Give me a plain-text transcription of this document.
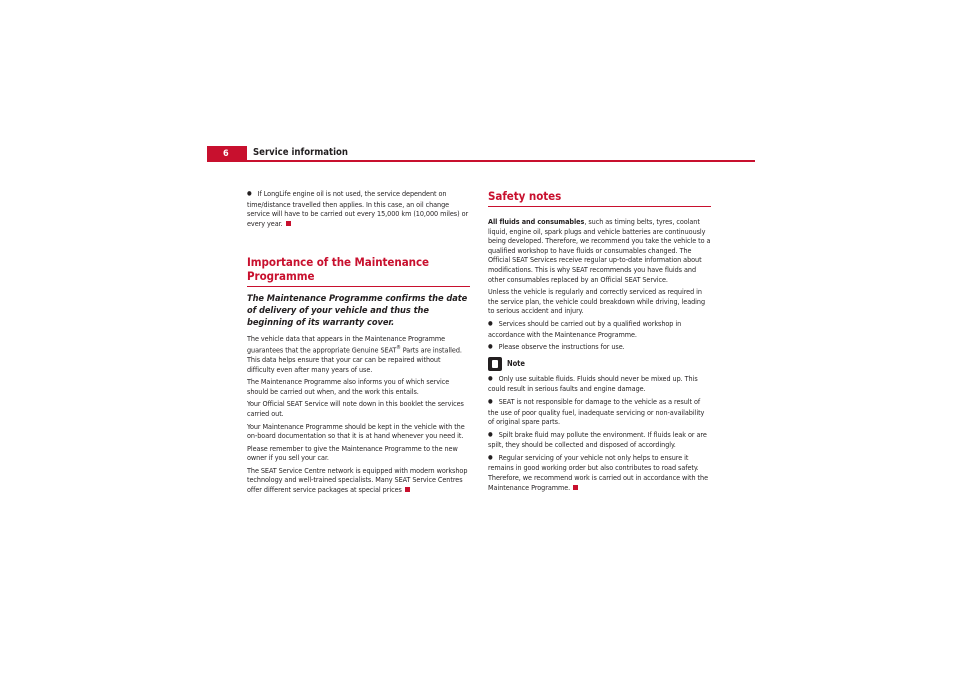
6	Service information

● If LongLife engine oil is not used, the service dependent on time/distance travelled then applies. In this case, an oil change service will have to be carried out every 15,000 km (10,000 miles) or every year.

Importance of the Maintenance Programme

The Maintenance Programme confirms the date of delivery of your vehicle and thus the beginning of its warranty cover.

The vehicle data that appears in the Maintenance Programme guarantees that the appropriate Genuine SEAT® Parts are installed. This data helps ensure that your car can be repaired without difficulty even after many years of use.

The Maintenance Programme also informs you of which service should be carried out when, and the work this entails.

Your Official SEAT Service will note down in this booklet the services carried out.

Your Maintenance Programme should be kept in the vehicle with the on-board documentation so that it is at hand whenever you need it.

Please remember to give the Maintenance Programme to the new owner if you sell your car.

The SEAT Service Centre network is equipped with modern workshop technology and well-trained specialists. Many SEAT Service Centres offer different service packages at special prices

Safety notes

All fluids and consumables, such as timing belts, tyres, coolant liquid, engine oil, spark plugs and vehicle batteries are continuously being developed. Therefore, we recommend you take the vehicle to a qualified workshop to have fluids or consumables changed. The Official SEAT Services receive regular up-to-date information about modifications. This is why SEAT recommends you have fluids and other consumables replaced by an Official SEAT Service.

Unless the vehicle is regularly and correctly serviced as required in the service plan, the vehicle could breakdown while driving, leading to serious accident and injury.

● Services should be carried out by a qualified workshop in accordance with the Maintenance Programme.

● Please observe the instructions for use.

Note

● Only use suitable fluids. Fluids should never be mixed up. This could result in serious faults and engine damage.

● SEAT is not responsible for damage to the vehicle as a result of the use of poor quality fuel, inadequate servicing or non-availability of original spare parts.

● Spilt brake fluid may pollute the environment. If fluids leak or are spilt, they should be collected and disposed of accordingly.

● Regular servicing of your vehicle not only helps to ensure it remains in good working order but also contributes to road safety. Therefore, we recommend work is carried out in accordance with the Maintenance Programme.
